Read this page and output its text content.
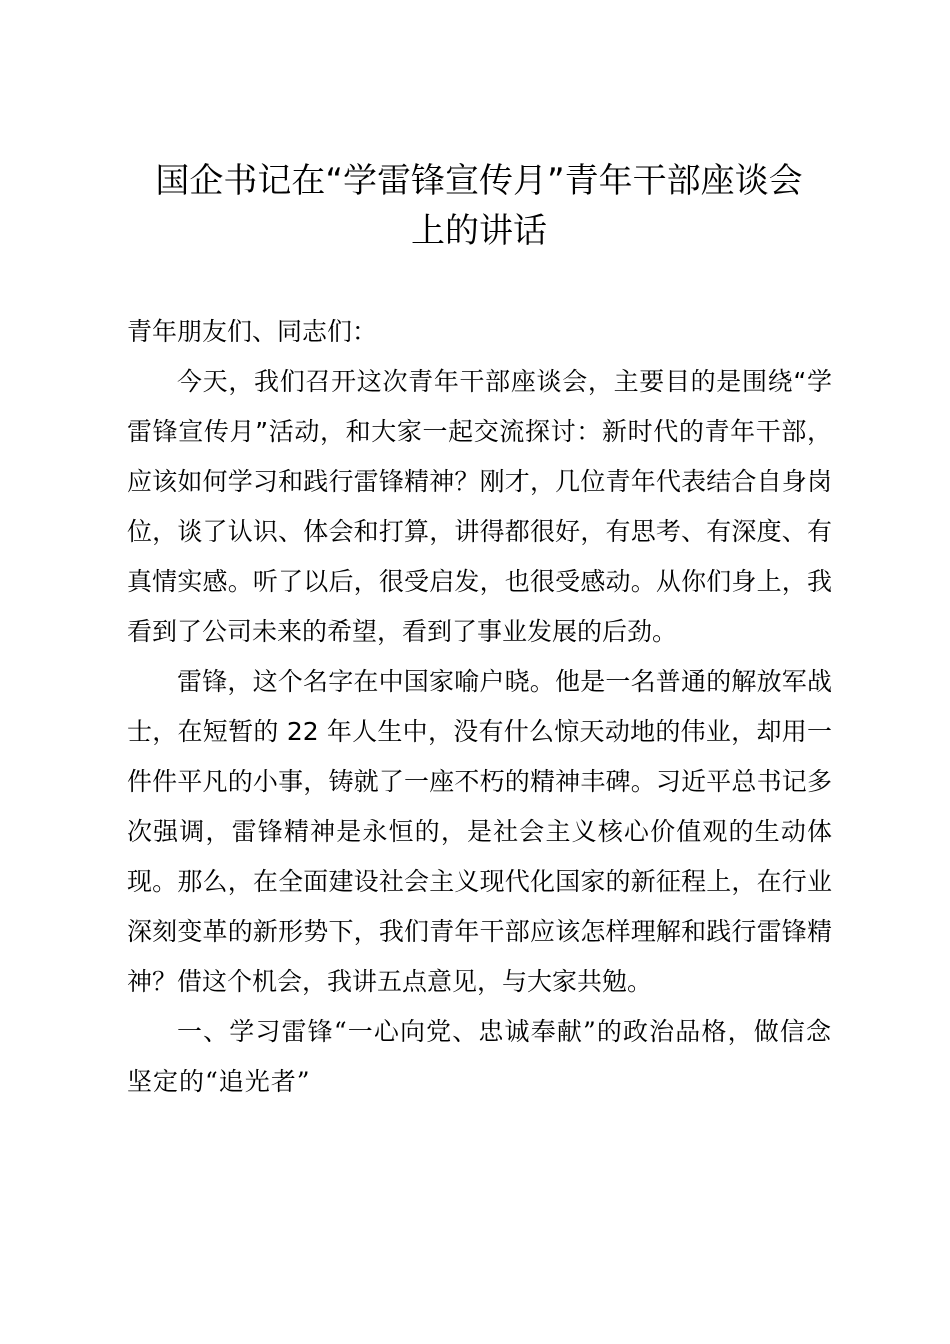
国企书记在“学雷锋宣传月”青年干部座谈会
上的讲话

青年朋友们、同志们：

今天，我们召开这次青年干部座谈会，主要目的是围绕“学雷锋宣传月”活动，和大家一起交流探讨：新时代的青年干部，应该如何学习和践行雷锋精神？刚才，几位青年代表结合自身岗位，谈了认识、体会和打算，讲得都很好，有思考、有深度、有真情实感。听了以后，很受启发，也很受感动。从你们身上，我看到了公司未来的希望，看到了事业发展的后劲。

雷锋，这个名字在中国家喻户晓。他是一名普通的解放军战士，在短暂的 22 年人生中，没有什么惊天动地的伟业，却用一件件平凡的小事，铸就了一座不朽的精神丰碑。习近平总书记多次强调，雷锋精神是永恒的，是社会主义核心价值观的生动体现。那么，在全面建设社会主义现代化国家的新征程上，在行业深刻变革的新形势下，我们青年干部应该怎样理解和践行雷锋精神？借这个机会，我讲五点意见，与大家共勉。

一、学习雷锋“一心向党、忠诚奉献”的政治品格，做信念坚定的“追光者”
